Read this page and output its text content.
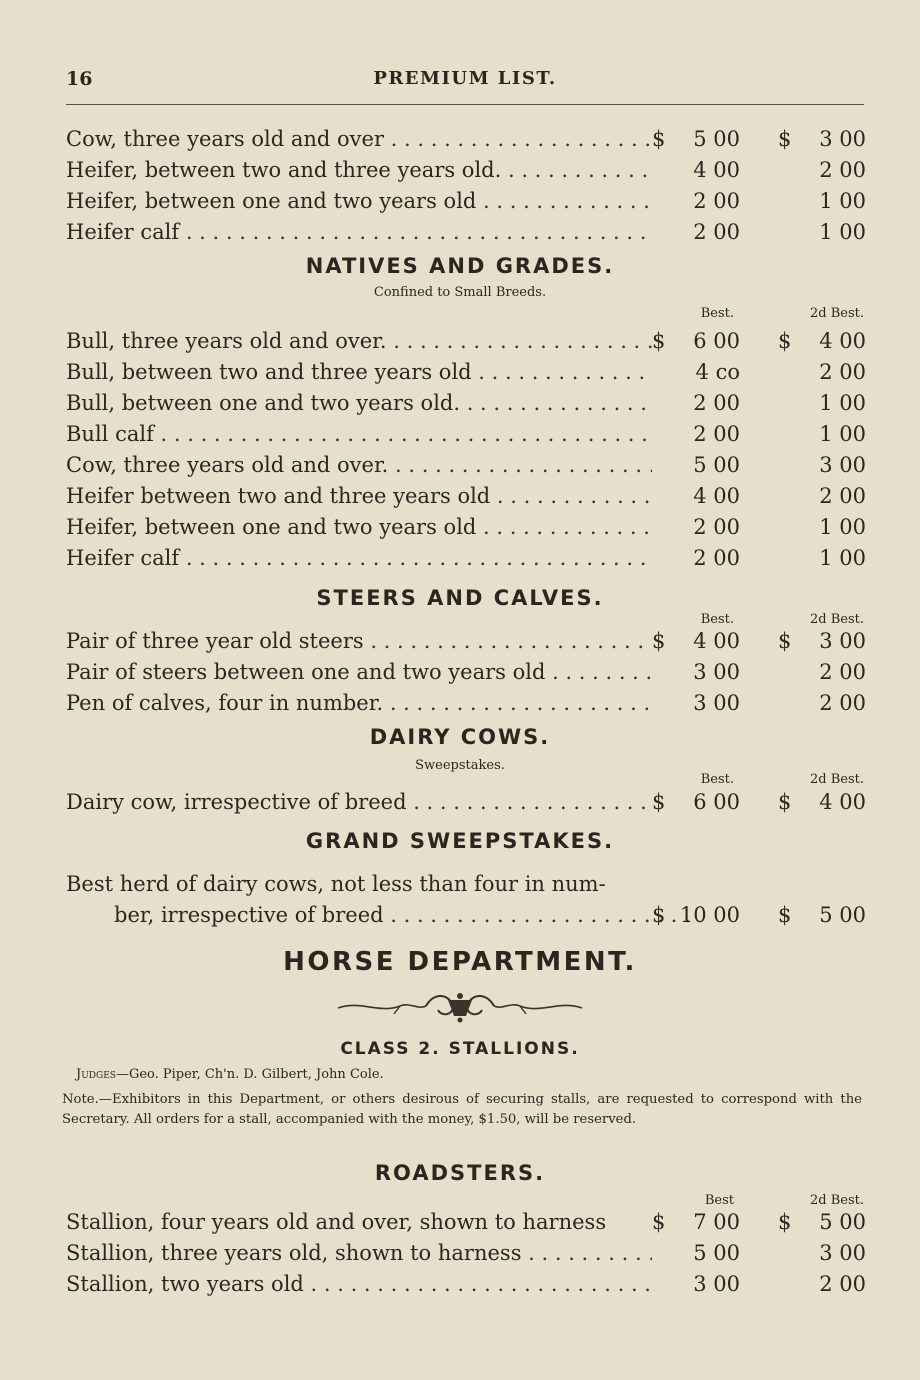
16	PREMIUM LIST.
Cow, three years old and over . . .	$ 5 00 $ 3 00
Heifer, between two and three years old. . . .	4 00	2 00
Heifer, between one and two years old . . .	2 00	1 00
Heifer calf . . .	2 00	1 00
NATIVES AND GRADES.
Confined to Small Breeds.
Best.	2d Best.
Bull, three years old and over. . . .	$ 6 00 $ 4 00
Bull, between two and three years old . . .	4 co	2 00
Bull, between one and two years old. . . .	2 00	1 00
Bull calf . . .	2 00	1 00
Cow, three years old and over. . . .	5 00	3 00
Heifer between two and three years old . . .	4 00	2 00
Heifer, between one and two years old . . .	2 00	1 00
Heifer calf . . .	2 00	1 00
STEERS AND CALVES.
Best.	2d Best.
Pair of three year old steers . . .	$ 4 00 $ 3 00
Pair of steers between one and two years old . . .	3 00	2 00
Pen of calves, four in number. . . .	3 00	2 00
DAIRY COWS.
Sweepstakes.
Best.	2d Best.
Dairy cow, irrespective of breed . . .	$ 6 00 $ 4 00
GRAND SWEEPSTAKES.
Best herd of dairy cows, not less than four in num-
ber, irrespective of breed . . .	$ 10 00 $ 5 00
HORSE DEPARTMENT.
CLASS 2. STALLIONS.
Judges—Geo. Piper, Ch'n. D. Gilbert, John Cole.
Note.—Exhibitors in this Department, or others desirous of securing stalls, are requested to correspond with the Secretary. All orders for a stall, accompanied with the money, $1.50, will be reserved.
ROADSTERS.
Best	2d Best.
Stallion, four years old and over, shown to harness	$ 7 00 $ 5 00
Stallion, three years old, shown to harness . . .	5 00	3 00
Stallion, two years old . . .	3 00	2 00
